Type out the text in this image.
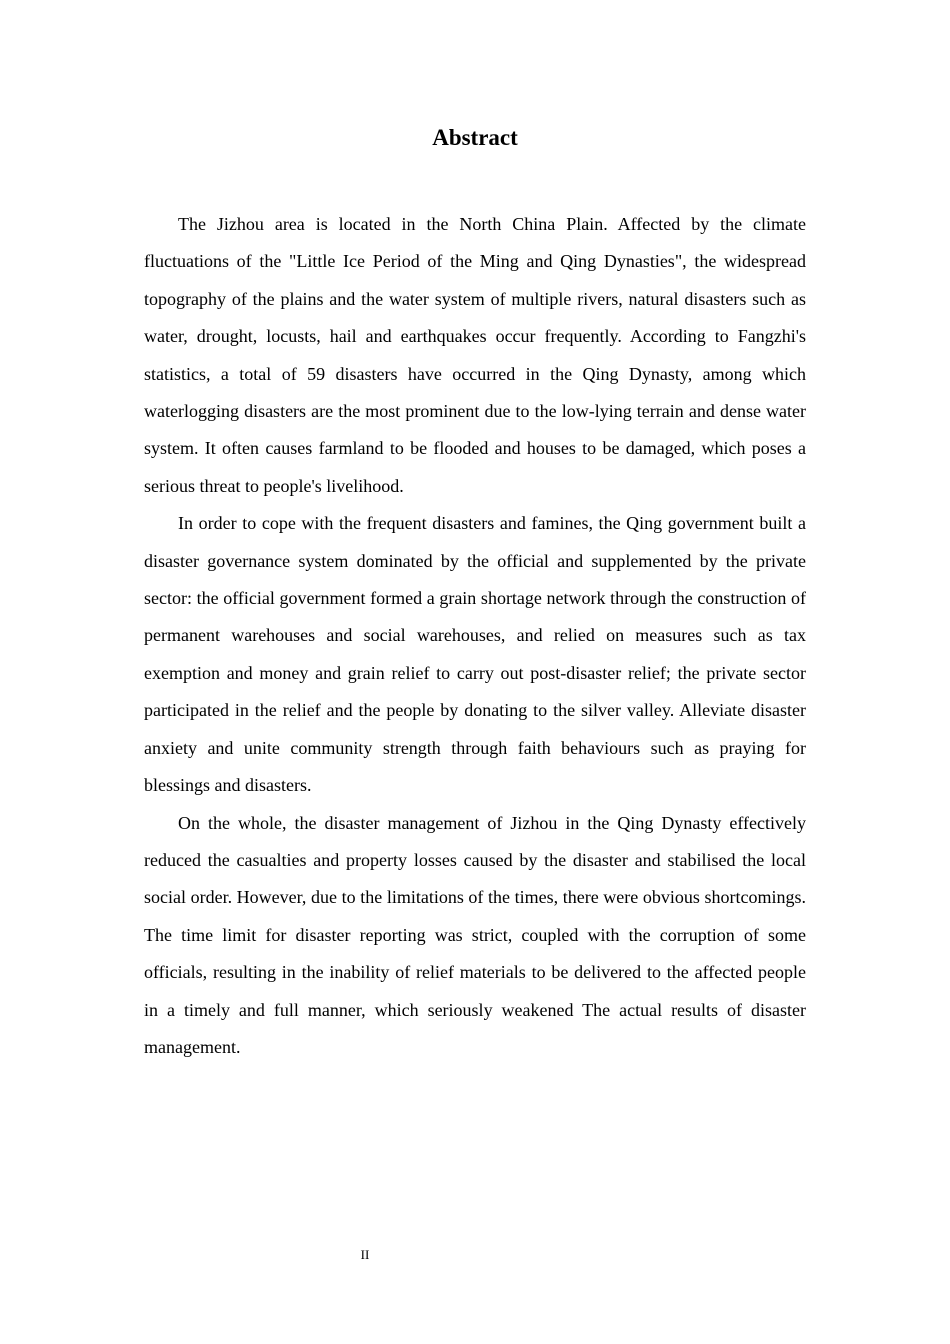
Abstract

The Jizhou area is located in the North China Plain. Affected by the climate fluctuations of the "Little Ice Period of the Ming and Qing Dynasties", the widespread topography of the plains and the water system of multiple rivers, natural disasters such as water, drought, locusts, hail and earthquakes occur frequently. According to Fangzhi's statistics, a total of 59 disasters have occurred in the Qing Dynasty, among which waterlogging disasters are the most prominent due to the low-lying terrain and dense water system. It often causes farmland to be flooded and houses to be damaged, which poses a serious threat to people's livelihood.

In order to cope with the frequent disasters and famines, the Qing government built a disaster governance system dominated by the official and supplemented by the private sector: the official government formed a grain shortage network through the construction of permanent warehouses and social warehouses, and relied on measures such as tax exemption and money and grain relief to carry out post-disaster relief; the private sector participated in the relief and the people by donating to the silver valley. Alleviate disaster anxiety and unite community strength through faith behaviours such as praying for blessings and disasters.

On the whole, the disaster management of Jizhou in the Qing Dynasty effectively reduced the casualties and property losses caused by the disaster and stabilised the local social order. However, due to the limitations of the times, there were obvious shortcomings. The time limit for disaster reporting was strict, coupled with the corruption of some officials, resulting in the inability of relief materials to be delivered to the affected people in a timely and full manner, which seriously weakened The actual results of disaster management.

II
